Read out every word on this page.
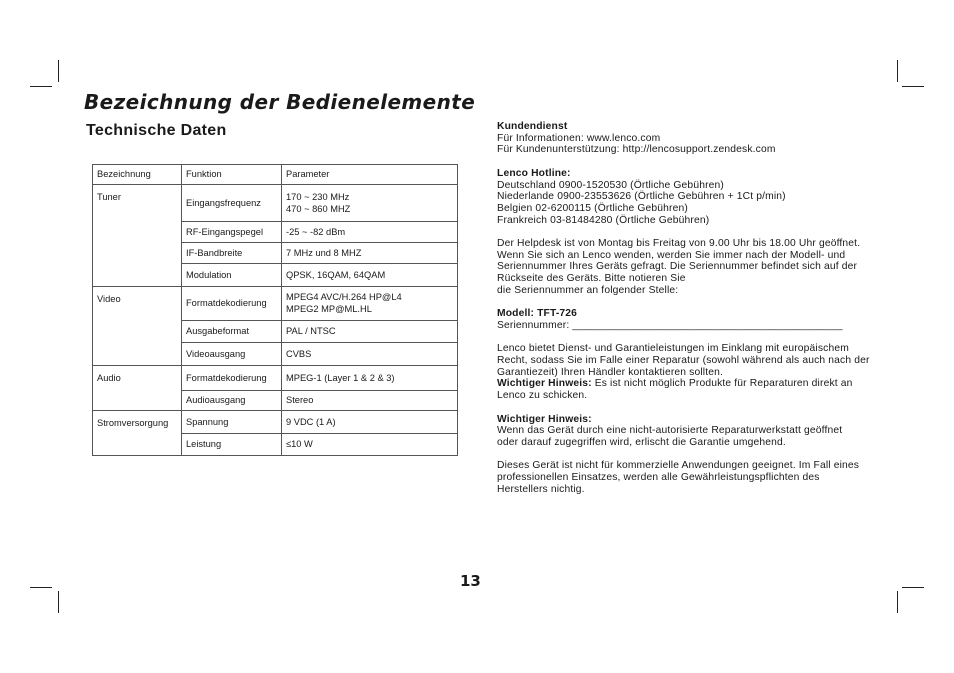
Bezeichnung der Bedienelemente
Technische Daten
Bezeichnung	Funktion	Parameter
Tuner	Eingangsfrequenz	170 ~ 230 MHz
470 ~ 860 MHZ

	RF-Eingangspegel	-25 ~ -82 dBm

	IF-Bandbreite	7 MHz und 8 MHZ

	Modulation	QPSK, 16QAM, 64QAM

Video	Formatdekodierung	MPEG4 AVC/H.264 HP@L4
MPEG2 MP@ML.HL

	Ausgabeformat	PAL / NTSC

	Videoausgang	CVBS

Audio	Formatdekodierung	MPEG-1 (Layer 1 & 2 & 3)

	Audioausgang	Stereo

Stromversorgung	Spannung	9 VDC (1 A)

	Leistung	≤10 W

Kundendienst

Für Informationen: www.lenco.com

Für Kundenunterstützung: http://lencosupport.zendesk.com

Lenco Hotline:

Deutschland 0900-1520530 (Örtliche Gebühren)

Niederlande 0900-23553626 (Örtliche Gebühren + 1Ct p/min)

Belgien 02-6200115 (Örtliche Gebühren)

Frankreich 03-81484280 (Örtliche Gebühren)

Der Helpdesk ist von Montag bis Freitag von 9.00 Uhr bis 18.00 Uhr geöffnet.

Wenn Sie sich an Lenco wenden, werden Sie immer nach der Modell- und

Seriennummer Ihres Geräts gefragt. Die Seriennummer befindet sich auf der

Rückseite des Geräts. Bitte notieren Sie

die Seriennummer an folgender Stelle:

Modell: TFT-726

Seriennummer: ______________________________________________

Lenco bietet Dienst- und Garantieleistungen im Einklang mit europäischem

Recht, sodass Sie im Falle einer Reparatur (sowohl während als auch nach der

Garantiezeit) Ihren Händler kontaktieren sollten.

Wichtiger Hinweis: Es ist nicht möglich Produkte für Reparaturen direkt an

Lenco zu schicken.

Wichtiger Hinweis:

Wenn das Gerät durch eine nicht-autorisierte Reparaturwerkstatt geöffnet

oder darauf zugegriffen wird, erlischt die Garantie umgehend.

Dieses Gerät ist nicht für kommerzielle Anwendungen geeignet. Im Fall eines

professionellen Einsatzes, werden alle Gewährleistungspflichten des

Herstellers nichtig.

13
